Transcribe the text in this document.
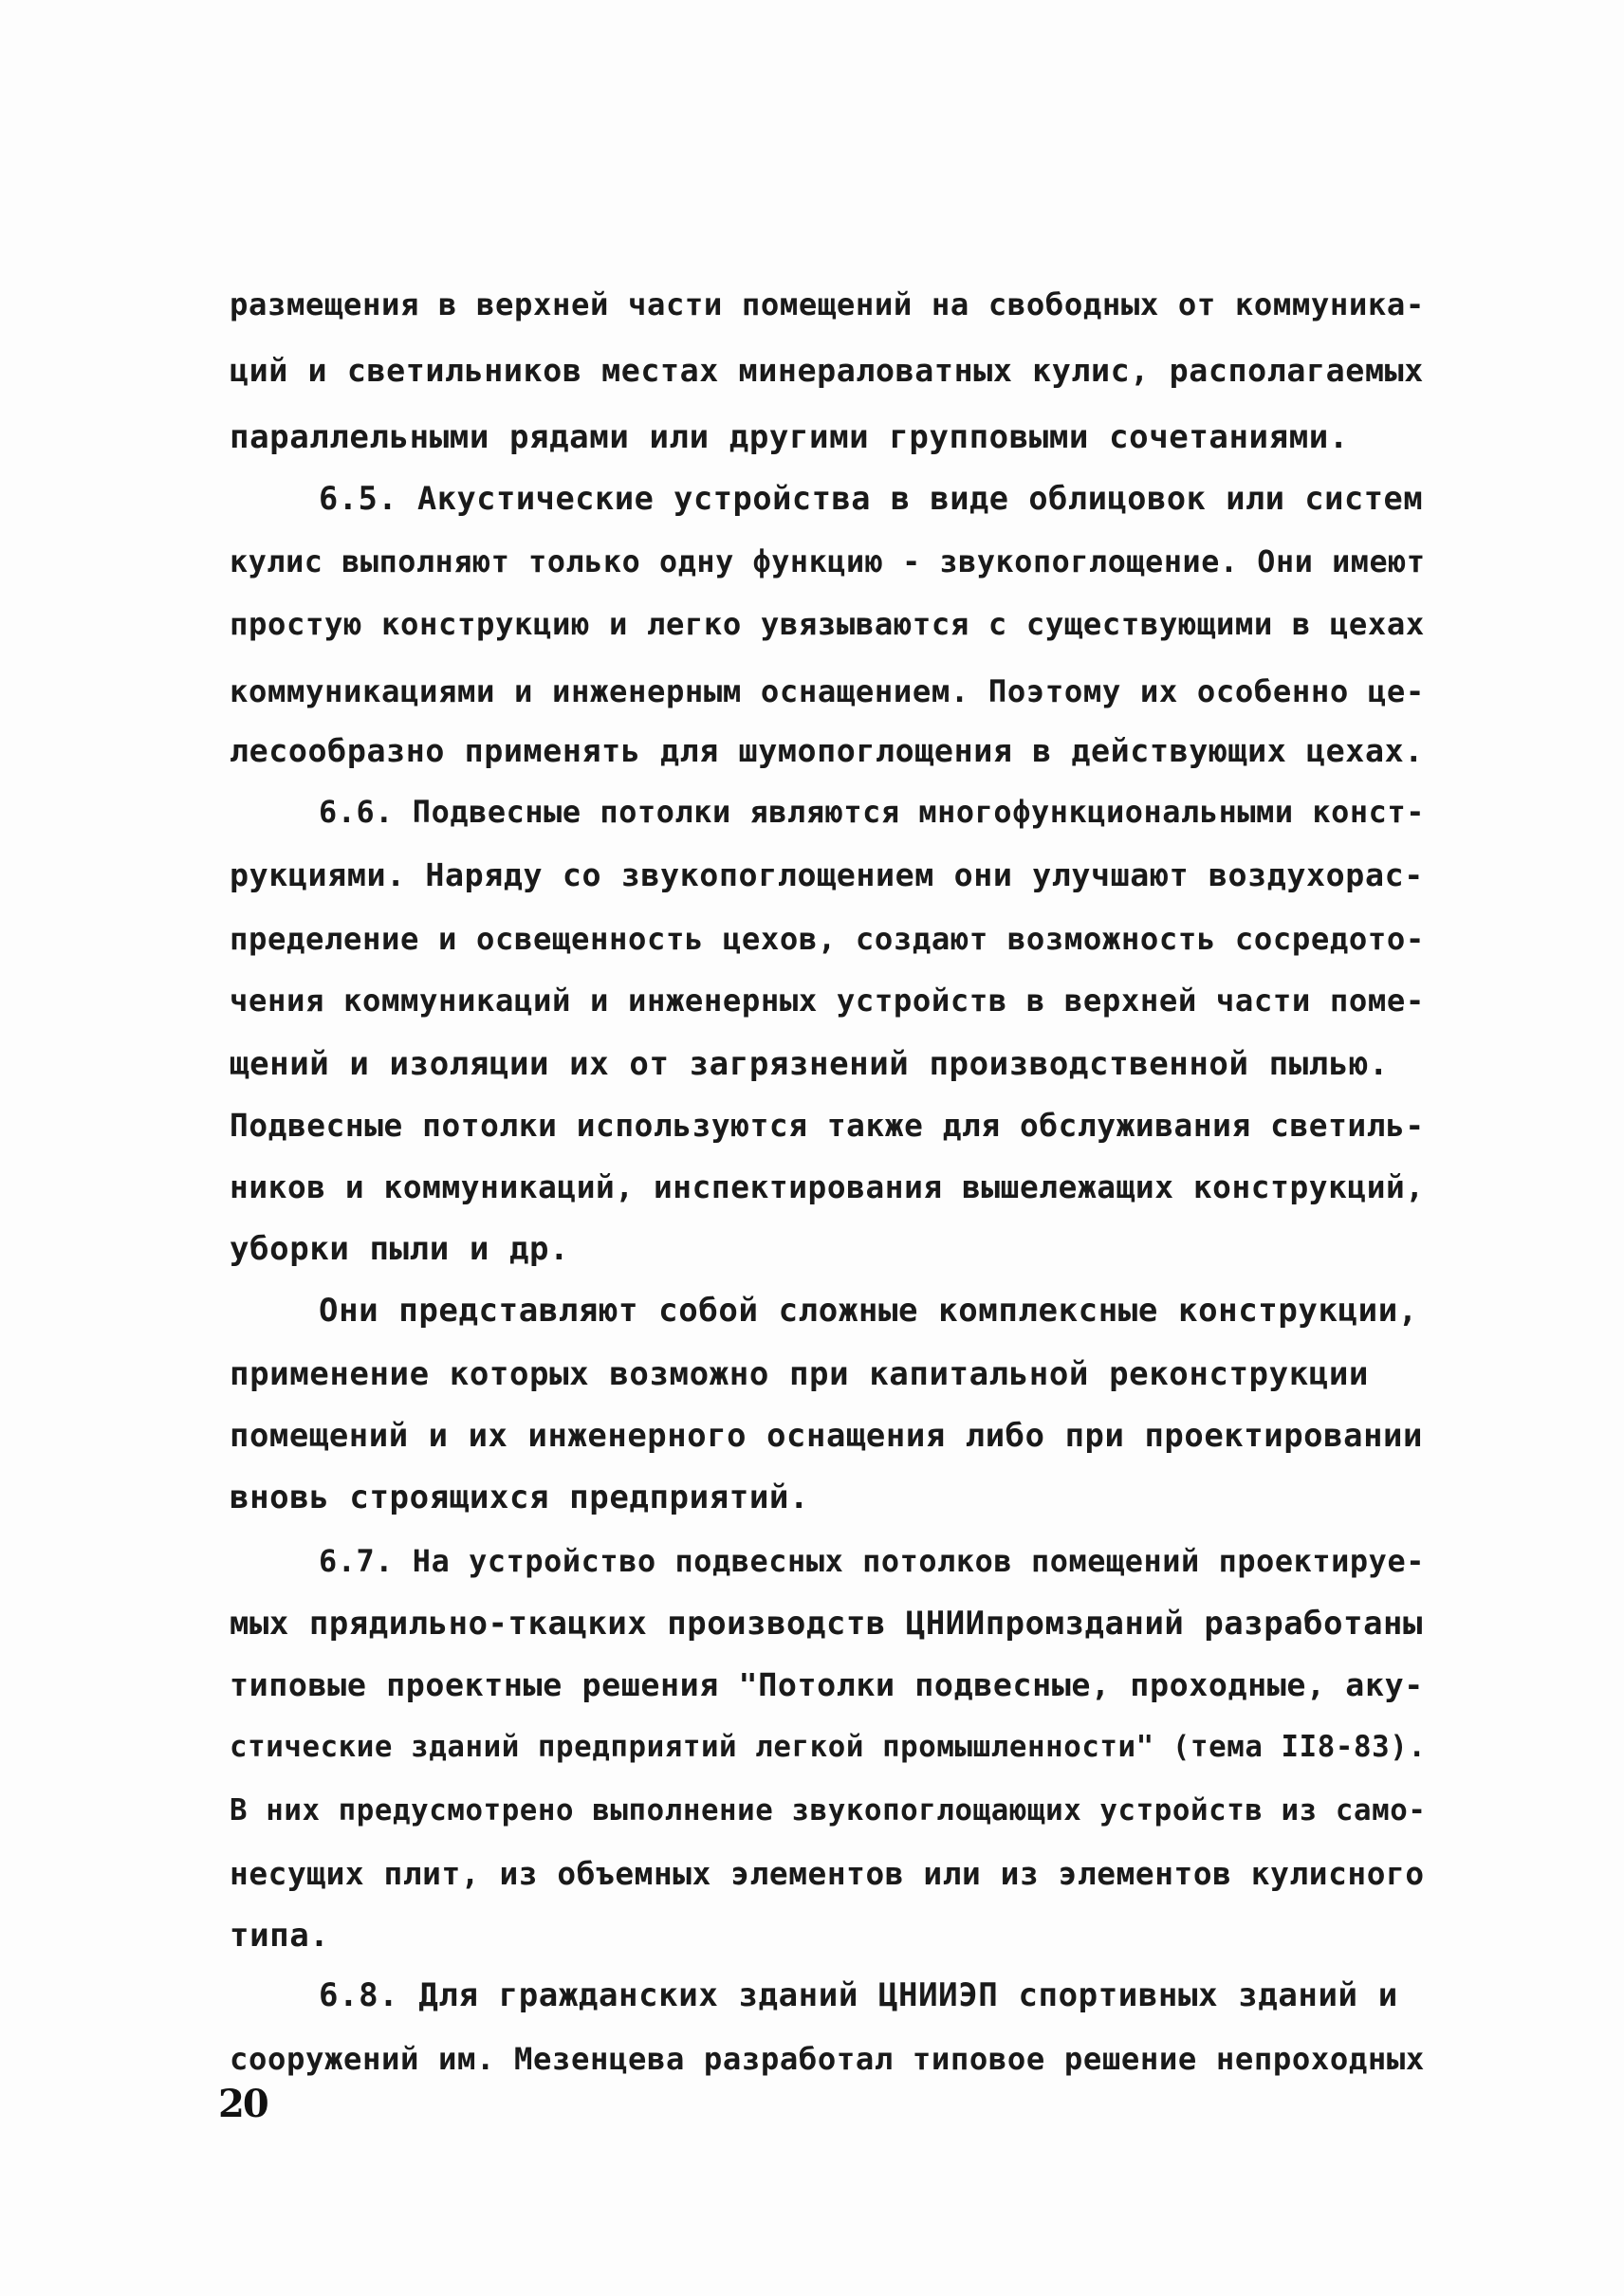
размещения в верхней части помещений на свободных от коммуника-
ций и светильников местах минераловатных кулис, располагаемых
параллельными рядами или другими групповыми сочетаниями.
6.5. Акустические устройства в виде облицовок или систем
кулис выполняют только одну функцию - звукопоглощение. Они имеют
простую конструкцию и легко увязываются с существующими в цехах
коммуникациями и инженерным оснащением. Поэтому их особенно це-
лесообразно применять для шумопоглощения в действующих цехах.
6.6. Подвесные потолки являются многофункциональными конст-
рукциями. Наряду со звукопоглощением они улучшают воздухорас-
пределение и освещенность цехов, создают возможность сосредото-
чения коммуникаций и инженерных устройств в верхней части поме-
щений и изоляции их от загрязнений производственной пылью.
Подвесные потолки используются также для обслуживания светиль-
ников и коммуникаций, инспектирования вышележащих конструкций,
уборки пыли и др.
Они представляют собой сложные комплексные конструкции,
применение которых возможно при капитальной реконструкции
помещений и их инженерного оснащения либо при проектировании
вновь строящихся предприятий.
6.7. На устройство подвесных потолков помещений проектируе-
мых прядильно-ткацких производств ЦНИИпромзданий разработаны
типовые проектные решения "Потолки подвесные, проходные, аку-
стические зданий предприятий легкой промышленности" (тема II8-83).
В них предусмотрено выполнение звукопоглощающих устройств из само-
несущих плит, из объемных элементов или из элементов кулисного
типа.
6.8. Для гражданских зданий ЦНИИЭП спортивных зданий и
сооружений им. Мезенцева разработал типовое решение непроходных
20
